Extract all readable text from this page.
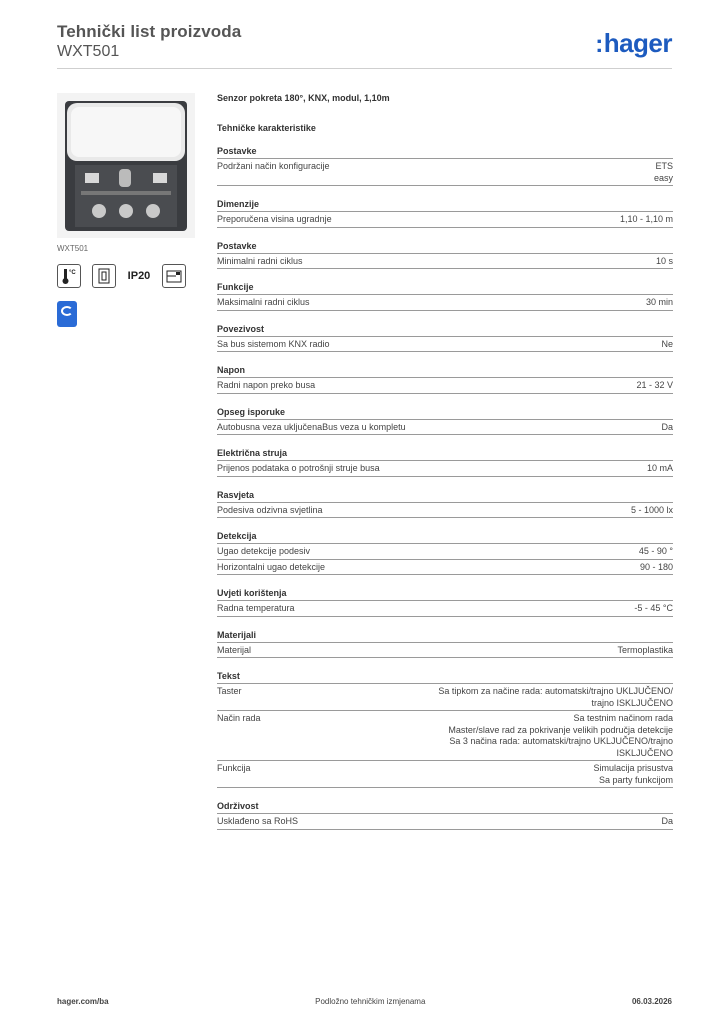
Tehnički list proizvoda
WXT501	:hager
WXT501
°C	IP20
Senzor pokreta 180°, KNX, modul, 1,10m
Tehničke karakteristike
Postavke
Podržani način konfiguracije	ETS
easy
Dimenzije
Preporučena visina ugradnje	1,10 - 1,10 m
Postavke
Minimalni radni ciklus	10 s
Funkcije
Maksimalni radni ciklus	30 min
Povezivost
Sa bus sistemom KNX radio	Ne
Napon
Radni napon preko busa	21 - 32 V
Opseg isporuke
Autobusna veza uključenaBus veza u kompletu	Da
Električna struja
Prijenos podataka o potrošnji struje busa	10 mA
Rasvjeta
Podesiva odzivna svjetlina	5 - 1000 lx
Detekcija
Ugao detekcije podesiv	45 - 90 °
Horizontalni ugao detekcije	90 - 180
Uvjeti korištenja
Radna temperatura	-5 - 45 °C
Materijali
Materijal	Termoplastika
Tekst
Taster	Sa tipkom za načine rada: automatski/trajno UKLJUČENO/
trajno ISKLJUČENO
Način rada	Sa testnim načinom rada
Master/slave rad za pokrivanje velikih područja detekcije
Sa 3 načina rada: automatski/trajno UKLJUČENO/trajno
ISKLJUČENO
Funkcija	Simulacija prisustva
Sa party funkcijom
Održivost
Usklađeno sa RoHS	Da
hager.com/ba	Podložno tehničkim izmjenama	06.03.2026
